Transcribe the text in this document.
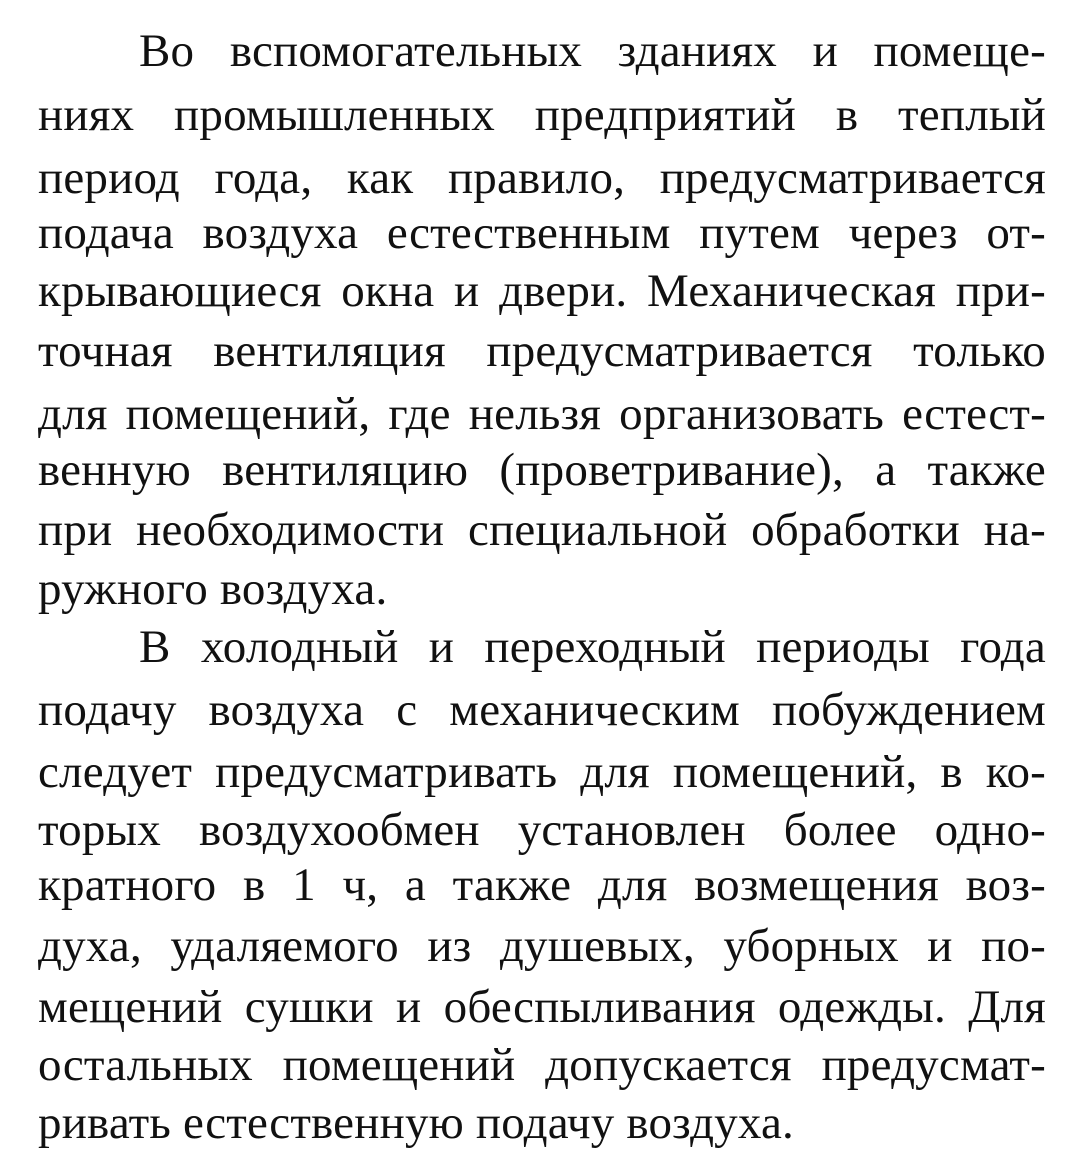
Во вспомогательных зданиях и помеще-
ниях промышленных предприятий в теплый
период года, как правило, предусматривается
подача воздуха естественным путем через от-
крывающиеся окна и двери. Механическая при-
точная вентиляция предусматривается только
для помещений, где нельзя организовать естест-
венную вентиляцию (проветривание), а также
при необходимости специальной обработки на-
ружного воздуха.
В холодный и переходный периоды года
подачу воздуха с механическим побуждением
следует предусматривать для помещений, в ко-
торых воздухообмен установлен более одно-
кратного в 1 ч, а также для возмещения воз-
духа, удаляемого из душевых, уборных и по-
мещений сушки и обеспыливания одежды. Для
остальных помещений допускается предусмат-
ривать естественную подачу воздуха.
